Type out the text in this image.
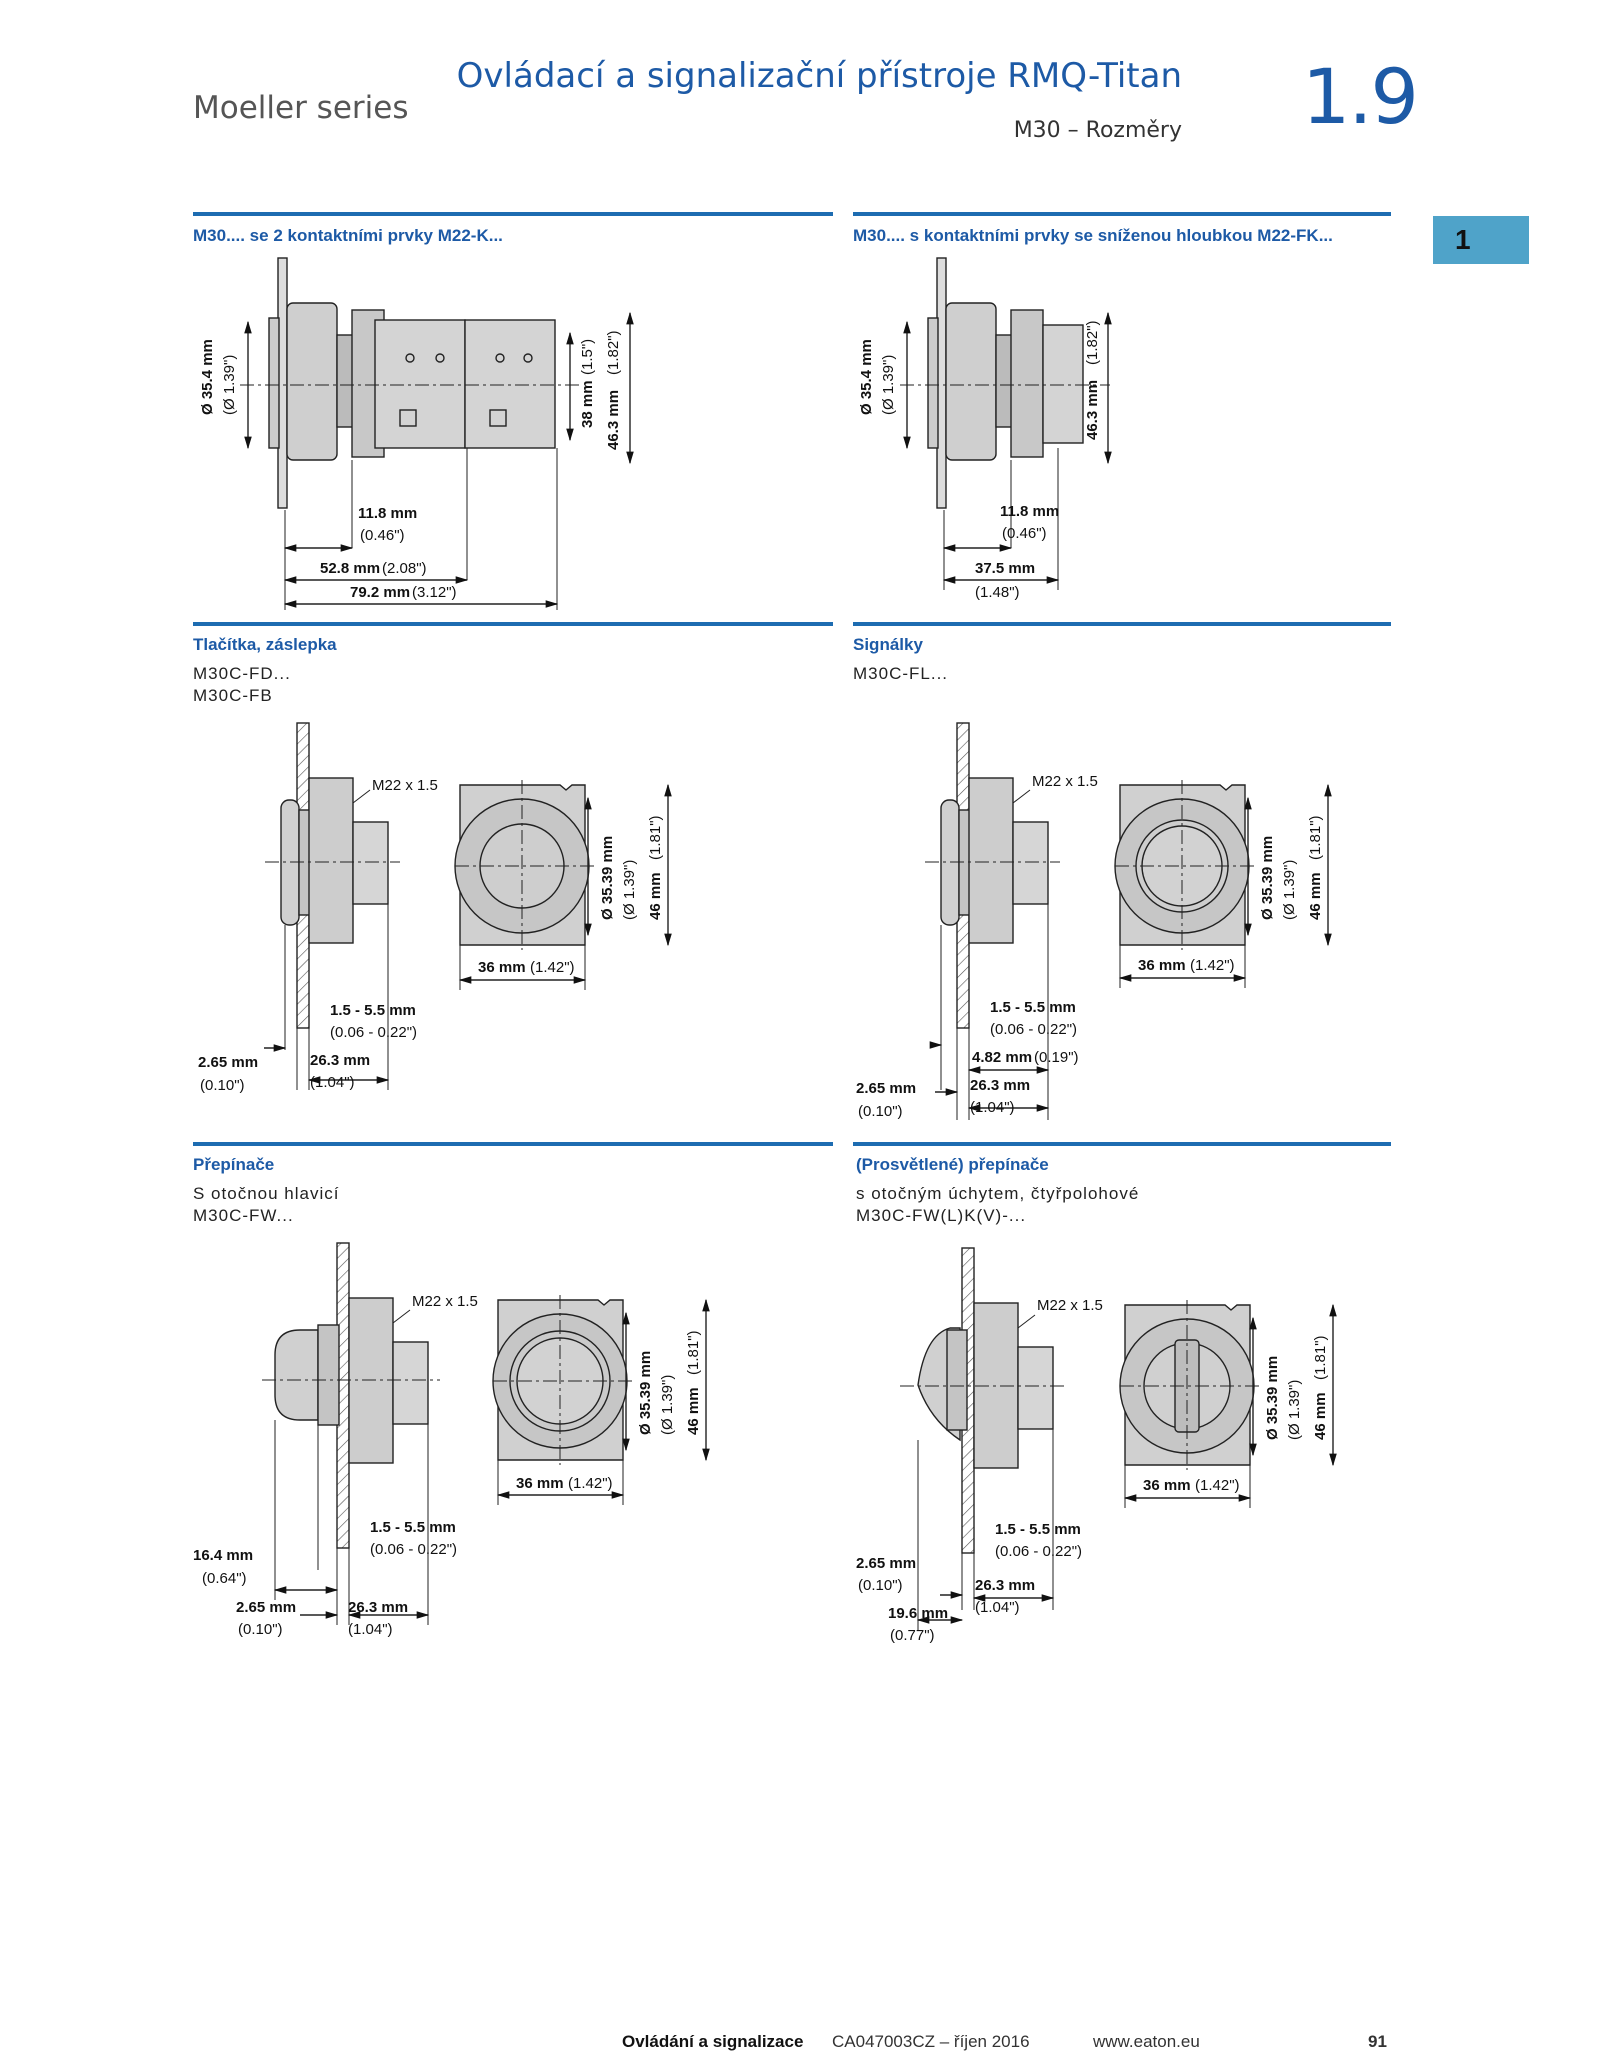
Moeller series
Ovládací a signalizační přístroje RMQ-Titan
M30 – Rozměry 1.9
1
M30.... se 2 kontaktními prvky M22-K...	M30.... s kontaktními prvky se sníženou hloubkou M22-FK...
Tlačítka, záslepka
M30C-FD...
M30C-FB
Signálky
M30C-FL...
Přepínače
S otočnou hlavicí
M30C-FW...
(Prosvětlené) přepínače
s otočným úchytem, čtyřpolohové
M30C-FW(L)K(V)-...
Ø 35.4 mm (Ø 1.39")	38 mm
(1.5")
46.3 mm
(1.82")
11.8 mm
(0.46")
52.8 mm (2.08")
79.2 mm (3.12")
Ø 35.4 mm (Ø 1.39")	46.3 mm
(1.82")
11.8 mm
(0.46")
37.5 mm
(1.48")
M22 x 1.5
Ø 35.39 mm (Ø 1.39") 46 mm
(1.81")
36 mm (1.42")
1.5 - 5.5 mm
(0.06 - 0.22")
2.65 mm
(0.10")
26.3 mm
(1.04")
M22 x 1.5
Ø 35.39 mm (Ø 1.39") 46 mm
(1.81")
36 mm (1.42")
1.5 - 5.5 mm
(0.06 - 0.22")
4.82 mm (0.19")
2.65 mm
(0.10")
26.3 mm
(1.04")
M22 x 1.5
Ø 35.39 mm (Ø 1.39") 46 mm
(1.81")
36 mm (1.42")
1.5 - 5.5 mm
(0.06 - 0.22")
16.4 mm
(0.64")
2.65 mm
(0.10")
26.3 mm
(1.04")
M22 x 1.5
Ø 35.39 mm (Ø 1.39") 46 mm
(1.81")
36 mm (1.42")
1.5 - 5.5 mm
(0.06 - 0.22")
2.65 mm
(0.10")	26.3 mm
(1.04")
19.6 mm
(0.77")
Ovládání a signalizace CA047003CZ – říjen 2016	www.eaton.eu	91
